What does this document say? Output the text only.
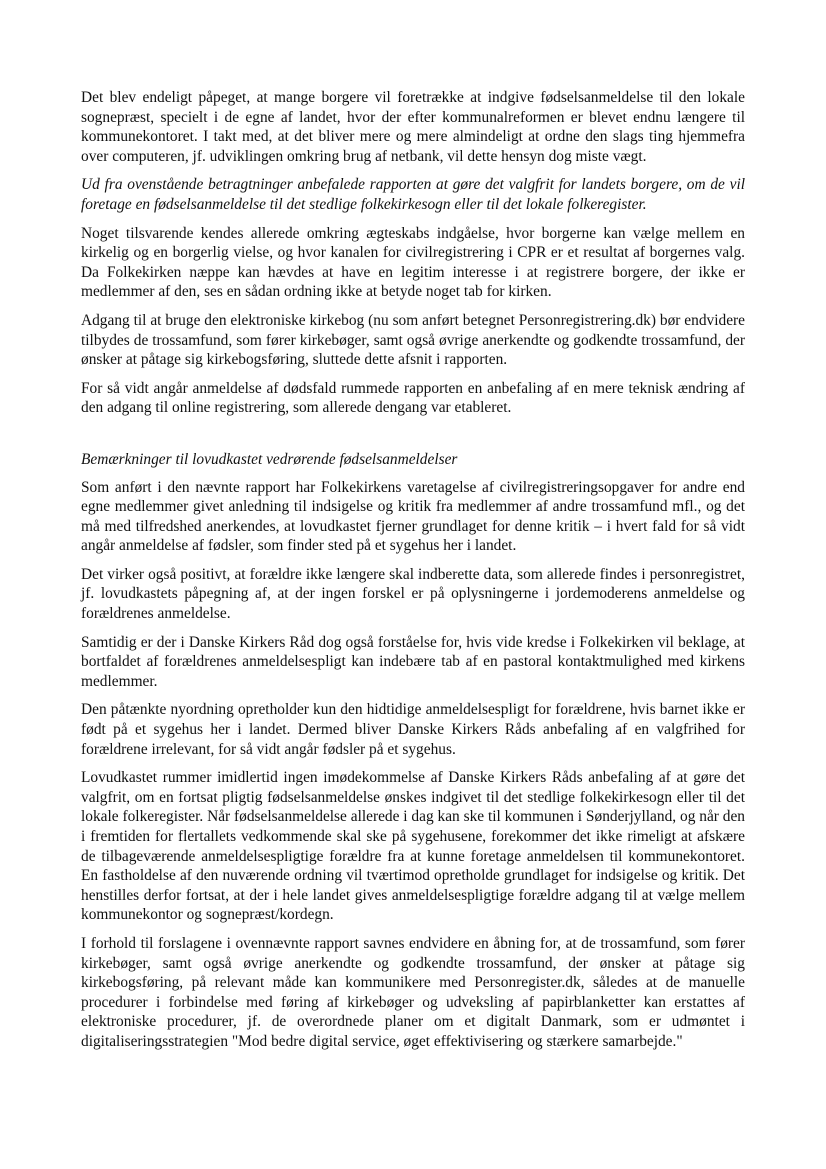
Det blev endeligt påpeget, at mange borgere vil foretrække at indgive fødselsanmeldelse til den lokale sognepræst, specielt i de egne af landet, hvor der efter kommunalreformen er blevet endnu længere til kommunekontoret. I takt med, at det bliver mere og mere almindeligt at ordne den slags ting hjemmefra over computeren, jf. udviklingen omkring brug af netbank, vil dette hensyn dog miste vægt.

Ud fra ovenstående betragtninger anbefalede rapporten at gøre det valgfrit for landets borgere, om de vil foretage en fødselsanmeldelse til det stedlige folkekirkesogn eller til det lokale folkeregister.

Noget tilsvarende kendes allerede omkring ægteskabs indgåelse, hvor borgerne kan vælge mellem en kirkelig og en borgerlig vielse, og hvor kanalen for civilregistrering i CPR er et resultat af borgernes valg. Da Folkekirken næppe kan hævdes at have en legitim interesse i at registrere borgere, der ikke er medlemmer af den, ses en sådan ordning ikke at betyde noget tab for kirken.

Adgang til at bruge den elektroniske kirkebog (nu som anført betegnet Personregistrering.dk) bør endvidere tilbydes de trossamfund, som fører kirkebøger, samt også øvrige anerkendte og godkendte trossamfund, der ønsker at påtage sig kirkebogsføring, sluttede dette afsnit i rapporten.

For så vidt angår anmeldelse af dødsfald rummede rapporten en anbefaling af en mere teknisk ændring af den adgang til online registrering, som allerede dengang var etableret.

Bemærkninger til lovudkastet vedrørende fødselsanmeldelser

Som anført i den nævnte rapport har Folkekirkens varetagelse af civilregistreringsopgaver for andre end egne medlemmer givet anledning til indsigelse og kritik fra medlemmer af andre trossamfund mfl., og det må med tilfredshed anerkendes, at lovudkastet fjerner grundlaget for denne kritik – i hvert fald for så vidt angår anmeldelse af fødsler, som finder sted på et sygehus her i landet.

Det virker også positivt, at forældre ikke længere skal indberette data, som allerede findes i personregistret, jf. lovudkastets påpegning af, at der ingen forskel er på oplysningerne i jordemoderens anmeldelse og forældrenes anmeldelse.

Samtidig er der i Danske Kirkers Råd dog også forståelse for, hvis vide kredse i Folkekirken vil beklage, at bortfaldet af forældrenes anmeldelsespligt kan indebære tab af en pastoral kontaktmulighed med kirkens medlemmer.

Den påtænkte nyordning opretholder kun den hidtidige anmeldelsespligt for forældrene, hvis barnet ikke er født på et sygehus her i landet. Dermed bliver Danske Kirkers Råds anbefaling af en valgfrihed for forældrene irrelevant, for så vidt angår fødsler på et sygehus.

Lovudkastet rummer imidlertid ingen imødekommelse af Danske Kirkers Råds anbefaling af at gøre det valgfrit, om en fortsat pligtig fødselsanmeldelse ønskes indgivet til det stedlige folkekirkesogn eller til det lokale folkeregister. Når fødselsanmeldelse allerede i dag kan ske til kommunen i Sønderjylland, og når den i fremtiden for flertallets vedkommende skal ske på sygehusene, forekommer det ikke rimeligt at afskære de tilbageværende anmeldelsespligtige forældre fra at kunne foretage anmeldelsen til kommunekontoret. En fastholdelse af den nuværende ordning vil tværtimod opretholde grundlaget for indsigelse og kritik. Det henstilles derfor fortsat, at der i hele landet gives anmeldelsespligtige forældre adgang til at vælge mellem kommunekontor og sognepræst/kordegn.

I forhold til forslagene i ovennævnte rapport savnes endvidere en åbning for, at de trossamfund, som fører kirkebøger, samt også øvrige anerkendte og godkendte trossamfund, der ønsker at påtage sig kirkebogsføring, på relevant måde kan kommunikere med Personregister.dk, således at de manuelle procedurer i forbindelse med føring af kirkebøger og udveksling af papirblanketter kan erstattes af elektroniske procedurer, jf. de overordnede planer om et digitalt Danmark, som er udmøntet i digitaliseringsstrategien "Mod bedre digital service, øget effektivisering og stærkere samarbejde."
